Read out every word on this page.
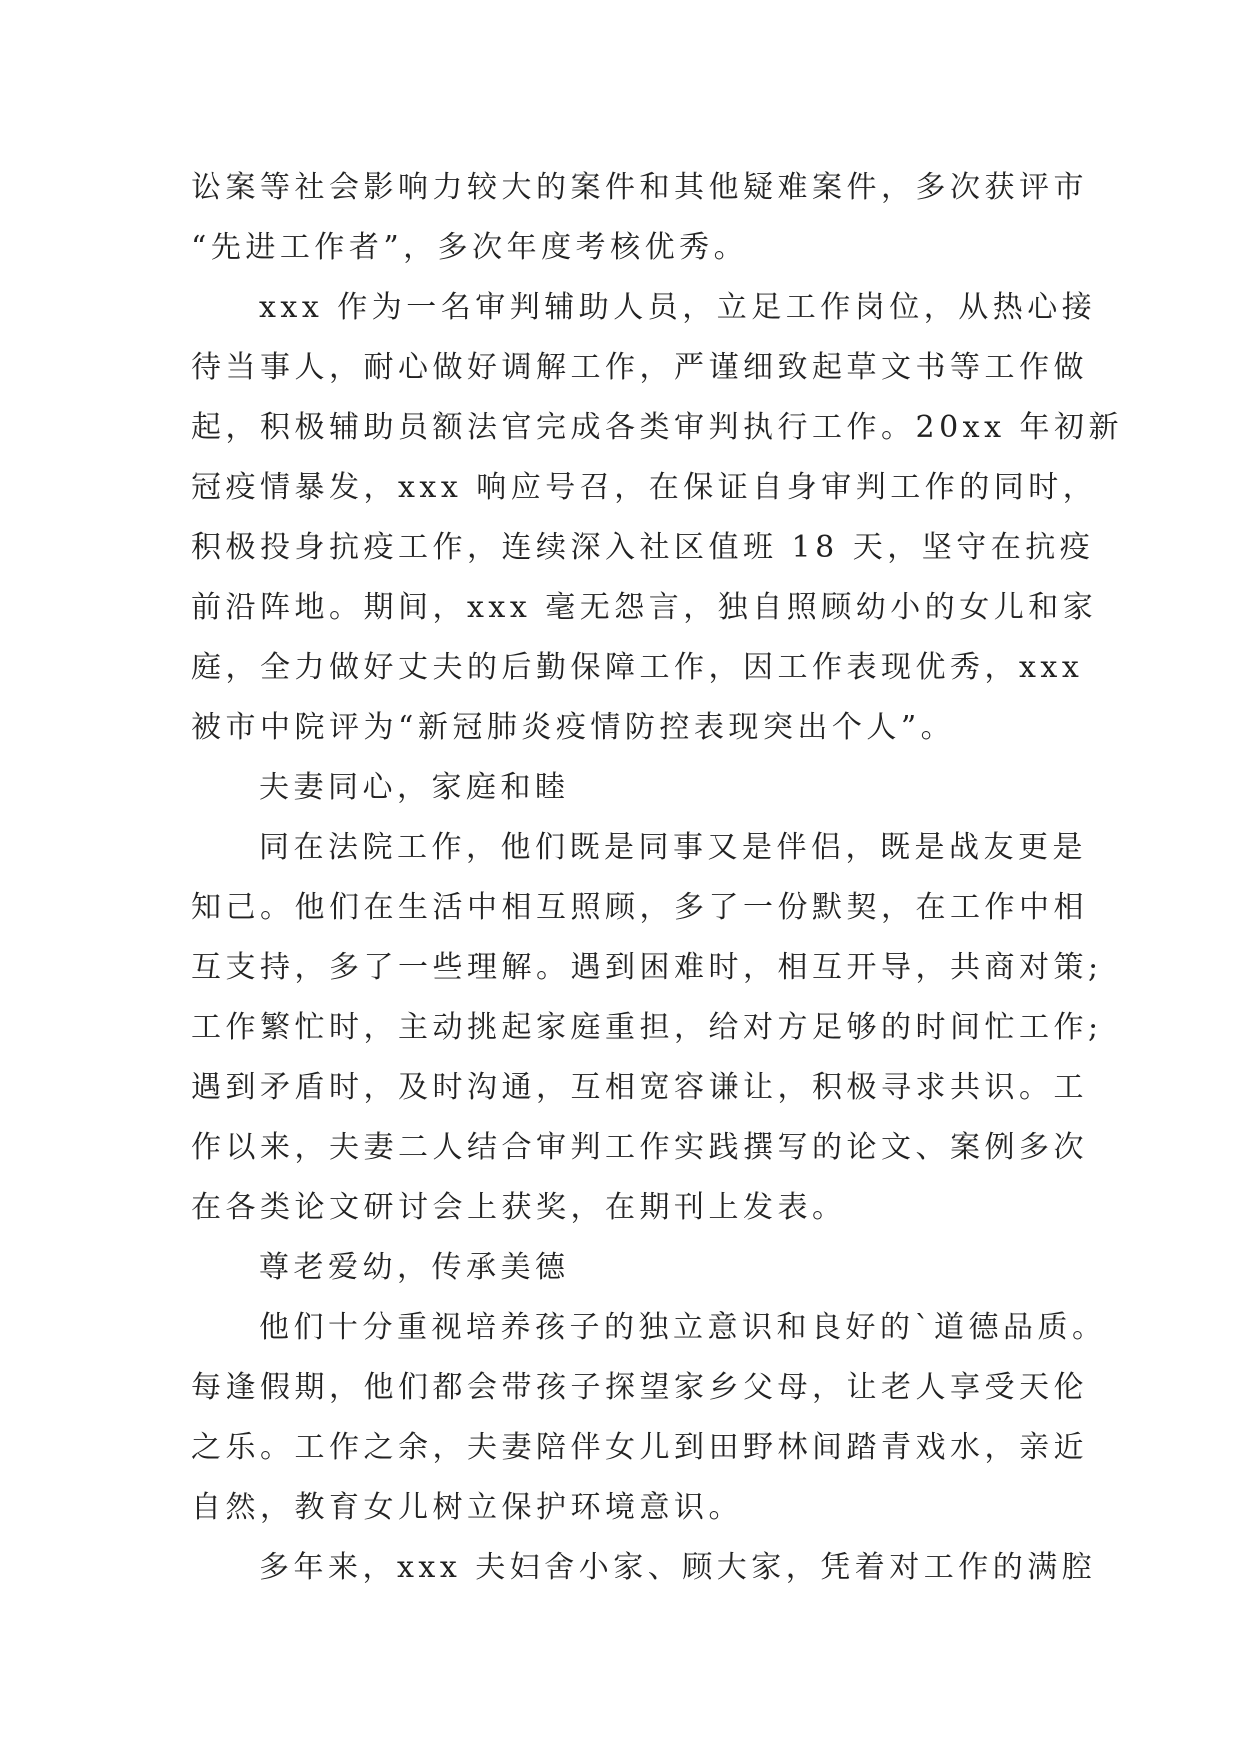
讼案等社会影响力较大的案件和其他疑难案件，多次获评市
“先进工作者”，多次年度考核优秀。
xxx 作为一名审判辅助人员，立足工作岗位，从热心接
待当事人，耐心做好调解工作，严谨细致起草文书等工作做
起，积极辅助员额法官完成各类审判执行工作。20xx 年初新
冠疫情暴发，xxx 响应号召，在保证自身审判工作的同时，
积极投身抗疫工作，连续深入社区值班 18 天，坚守在抗疫
前沿阵地。期间，xxx 毫无怨言，独自照顾幼小的女儿和家
庭，全力做好丈夫的后勤保障工作，因工作表现优秀，xxx
被市中院评为“新冠肺炎疫情防控表现突出个人”。
夫妻同心，家庭和睦
同在法院工作，他们既是同事又是伴侣，既是战友更是
知己。他们在生活中相互照顾，多了一份默契，在工作中相
互支持，多了一些理解。遇到困难时，相互开导，共商对策;
工作繁忙时，主动挑起家庭重担，给对方足够的时间忙工作;
遇到矛盾时，及时沟通，互相宽容谦让，积极寻求共识。工
作以来，夫妻二人结合审判工作实践撰写的论文、案例多次
在各类论文研讨会上获奖，在期刊上发表。
尊老爱幼，传承美德
他们十分重视培养孩子的独立意识和良好的`道德品质。
每逢假期，他们都会带孩子探望家乡父母，让老人享受天伦
之乐。工作之余，夫妻陪伴女儿到田野林间踏青戏水，亲近
自然，教育女儿树立保护环境意识。
多年来，xxx 夫妇舍小家、顾大家，凭着对工作的满腔
